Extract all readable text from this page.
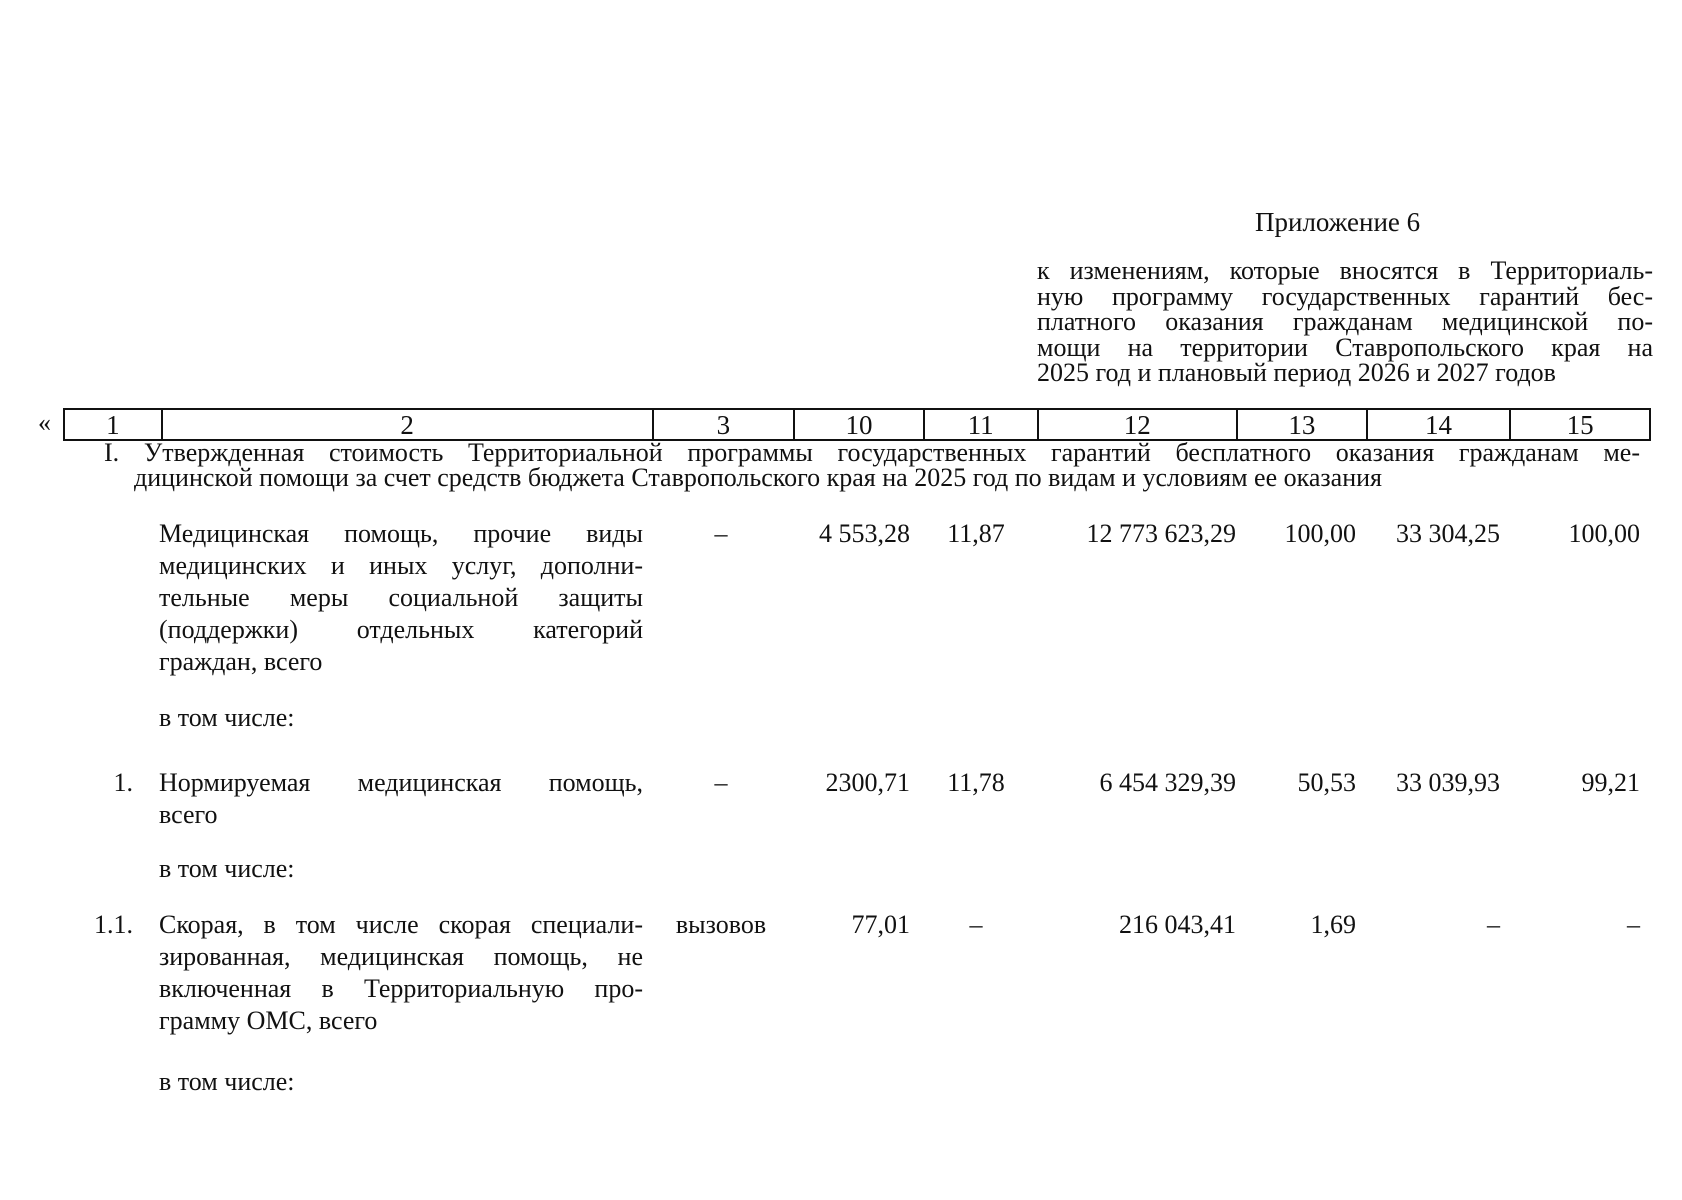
Приложение 6
к изменениям, которые вносятся в Территориаль-
ную программу государственных гарантий бес-
платного оказания гражданам медицинской по-
мощи на территории Ставропольского края на
2025 год и плановый период 2026 и 2027 годов
«	1	2	3	10	11	12	13	14	15
I. Утвержденная стоимость Территориальной программы государственных гарантий бесплатного оказания гражданам ме-
дицинской помощи за счет средств бюджета Ставропольского края на 2025 год по видам и условиям ее оказания
Медицинская помощь, прочие виды
медицинских и иных услуг, дополни-
тельные меры социальной защиты
(поддержки) отдельных категорий
граждан, всего
–	4 553,28	11,87	12 773 623,29	100,00	33 304,25	100,00
в том числе:
1. Нормируемая медицинская помощь,
всего
–	2300,71	11,78	6 454 329,39	50,53	33 039,93	99,21
в том числе:
1.1. Скорая, в том числе скорая специали-
зированная, медицинская помощь, не
включенная в Территориальную про-
грамму ОМС, всего
вызовов	77,01	–	216 043,41	1,69	–	–
в том числе:
